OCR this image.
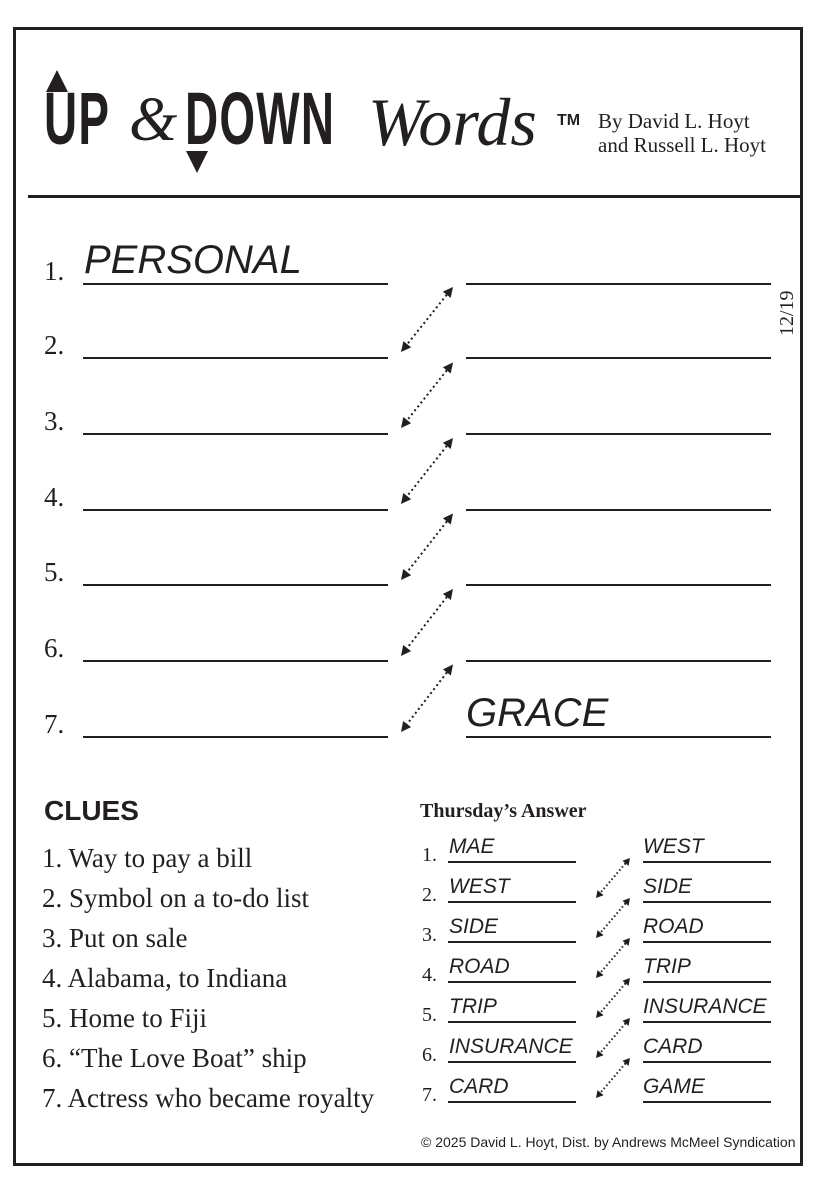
UP & DOWN Words TM By David L. Hoyt
and Russell L. Hoyt
1. PERSONAL
2.
3.
4.
5.
6.
7.	GRACE
12/19
CLUES
1. Way to pay a bill
2. Symbol on a to-do list
3. Put on sale
4. Alabama, to Indiana
5. Home to Fiji
6. “The Love Boat” ship
7. Actress who became royalty
Thursday’s Answer
1. MAE	WEST
2. WEST	SIDE
3. SIDE	ROAD
4. ROAD	TRIP
5. TRIP	INSURANCE
6. INSURANCE	CARD
7. CARD	GAME
© 2025 David L. Hoyt, Dist. by Andrews McMeel Syndication
